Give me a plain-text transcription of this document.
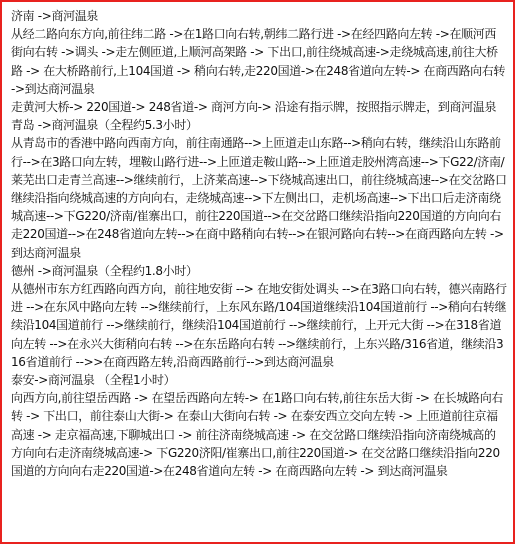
济南 ->商河温泉

从经二路向东方向,前往纬二路 ->在1路口向右转,朝纬二路行进 ->在经四路向左转 ->在顺河西街向右转 ->调头 ->走左侧匝道,上顺河高架路 -> 下出口,前往绕城高速->走绕城高速,前往大桥路 -> 在大桥路前行,上104国道 -> 稍向右转,走220国道->在248省道向左转-> 在商西路向右转 ->到达商河温泉

走黄河大桥-> 220国道-> 248省道-> 商河方向-> 沿途有指示牌，按照指示牌走，到商河温泉

青岛 ->商河温泉（全程约5.3小时）

从青岛市的香港中路向西南方向，前往南通路-->上匝道走山东路-->稍向右转，继续沿山东路前行-->在3路口向左转，埋鞍山路行进-->上匝道走鞍山路-->上匝道走胶州湾高速-->下G22/济南/莱芜出口走青兰高速-->继续前行，上济莱高速-->下绕城高速出口，前往绕城高速-->在交岔路口继续沿指向绕城高速的方向向右，走绕城高速-->下左侧出口，走机场高速-->下出口后走济南绕城高速-->下G220/济南/崔寨出口，前往220国道-->在交岔路口继续沿指向220国道的方向向右走220国道-->在248省道向左转-->在商中路稍向右转-->在银河路向右转-->在商西路向左转 ->到达商河温泉

德州 ->商河温泉（全程约1.8小时）

从德州市东方红西路向西方向，前往地安街 --> 在地安街处调头 -->在3路口向右转，德兴南路行进 -->在东风中路向左转 -->继续前行，上东风东路/104国道继续沿104国道前行 -->稍向右转继续沿104国道前行 -->继续前行，继续沿104国道前行 -->继续前行，上开元大街 -->在318省道向左转 -->在永兴大街稍向右转 -->在东岳路向右转 -->继续前行，上东兴路/316省道，继续沿316省道前行 -->>在商西路左转,沿商西路前行-->到达商河温泉

泰安->商河温泉 （全程1小时）

向西方向,前往望岳西路 -> 在望岳西路向左转-> 在1路口向右转,前往东岳大街 -> 在长城路向右转 -> 下出口，前往泰山大街-> 在泰山大街向右转 -> 在泰安西立交向左转 -> 上匝道前往京福高速 -> 走京福高速,下聊城出口 -> 前往济南绕城高速 -> 在交岔路口继续沿指向济南绕城高的方向向右走济南绕城高速-> 下G220济阳/崔寨出口,前往220国道-> 在交岔路口继续沿指向220国道的方向向右走220国道->在248省道向左转 -> 在商西路向左转 -> 到达商河温泉
